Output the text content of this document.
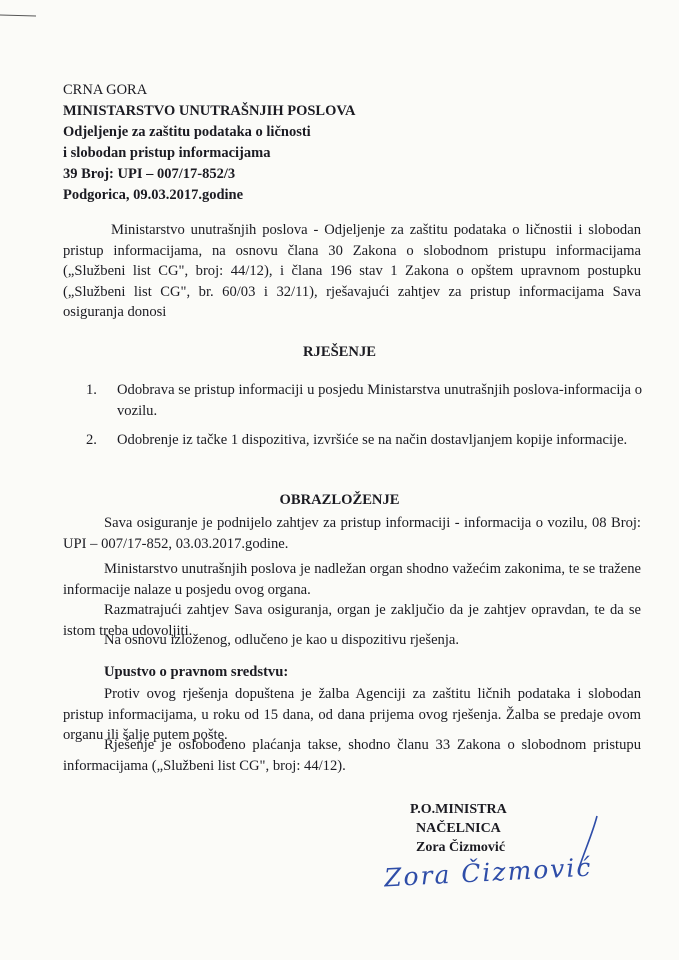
CRNA GORA
MINISTARSTVO UNUTRAŠNJIH POSLOVA
Odjeljenje za zaštitu podataka o ličnosti
i slobodan pristup informacijama
39 Broj: UPI – 007/17-852/3
Podgorica, 09.03.2017.godine

Ministarstvo unutrašnjih poslova - Odjeljenje za zaštitu podataka o ličnostii i slobodan pristup informacijama, na osnovu člana 30 Zakona o slobodnom pristupu informacijama („Službeni list CG", broj: 44/12), i člana 196 stav 1 Zakona o opštem upravnom postupku („Službeni list CG", br. 60/03 i 32/11), rješavajući zahtjev za pristup informacijama Sava osiguranja donosi

RJEŠENJE
1. Odobrava se pristup informaciji u posjedu Ministarstva unutrašnjih poslova-informacija o vozilu.
2. Odobrenje iz tačke 1 dispozitiva, izvršiće se na način dostavljanjem kopije informacije.
OBRAZLOŽENJE

Sava osiguranje je podnijelo zahtjev za pristup informaciji - informacija o vozilu, 08 Broj: UPI – 007/17-852, 03.03.2017.godine.

Ministarstvo unutrašnjih poslova je nadležan organ shodno važećim zakonima, te se tražene informacije nalaze u posjedu ovog organa.

Razmatrajući zahtjev Sava osiguranja, organ je zaključio da je zahtjev opravdan, te da se istom treba udovoljiti.

Na osnovu izloženog, odlučeno je kao u dispozitivu rješenja.

Upustvo o pravnom sredstvu:

Protiv ovog rješenja dopuštena je žalba Agenciji za zaštitu ličnih podataka i slobodan pristup informacijama, u roku od 15 dana, od dana prijema ovog rješenja. Žalba se predaje ovom organu ili šalje putem pošte.

Rješenje je oslobođeno plaćanja takse, shodno članu 33 Zakona o slobodnom pristupu informacijama („Službeni list CG", broj: 44/12).

P.O.MINISTRA
NAČELNICA
Zora Čizmović
Zora Čizmović
